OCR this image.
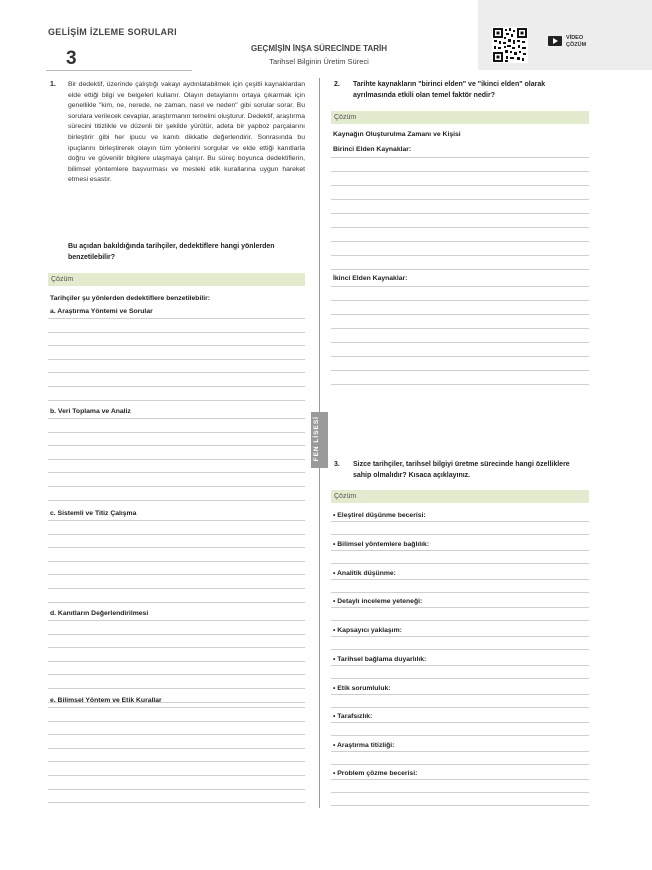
GELİŞİM İZLEME SORULARI
3	GEÇMİŞİN İNŞA SÜRECİNDE TARİH
Tarihsel Bilginin Üretim Süreci
VİDEO
ÇÖZÜM
FEN LİSESİ
1. Bir dedektif, üzerinde çalıştığı vakayı aydınlatabilmek için çeşitli kaynaklardan elde ettiği bilgi ve belgeleri kullanır. Olayın detaylarını ortaya çıkarmak için genellikle "kim, ne, nerede, ne zaman, nasıl ve neden" gibi sorular sorar. Bu sorulara verilecek cevaplar, araştırmanın temelini oluşturur. Dedektif, araştırma sürecini titizlikle ve düzenli bir şekilde yürütür, adeta bir yapboz parçalarını birleştirir gibi her ipucu ve kanıtı dikkatle değerlendirir. Sonrasında bu ipuçlarını birleştirerek olayın tüm yönlerini sorgular ve elde ettiği kanıtlarla doğru ve güvenilir bilgilere ulaşmaya çalışır. Bu süreç boyunca dedektiflerin, bilimsel yöntemlere başvurması ve mesleki etik kurallarına uygun hareket etmesi esastır.
Bu açıdan bakıldığında tarihçiler, dedektiflere hangi yönlerden benzetilebilir?
Çözüm
Tarihçiler şu yönlerden dedektiflere benzetilebilir:
a. Araştırma Yöntemi ve Sorular
b. Veri Toplama ve Analiz
c. Sistemli ve Titiz Çalışma
d. Kanıtların Değerlendirilmesi
e. Bilimsel Yöntem ve Etik Kurallar
2. Tarihte kaynakların "birinci elden" ve "ikinci elden" olarak ayrılmasında etkili olan temel faktör nedir?
Çözüm
Kaynağın Oluşturulma Zamanı ve Kişisi
Birinci Elden Kaynaklar:
İkinci Elden Kaynaklar:
3. Sizce tarihçiler, tarihsel bilgiyi üretme sürecinde hangi özelliklere sahip olmalıdır? Kısaca açıklayınız.
Çözüm
• Eleştirel düşünme becerisi:
• Bilimsel yöntemlere bağlılık:
• Analitik düşünme:
• Detaylı inceleme yeteneği:
• Kapsayıcı yaklaşım:
• Tarihsel bağlama duyarlılık:
• Etik sorumluluk:
• Tarafsızlık:
• Araştırma titizliği:
• Problem çözme becerisi:
